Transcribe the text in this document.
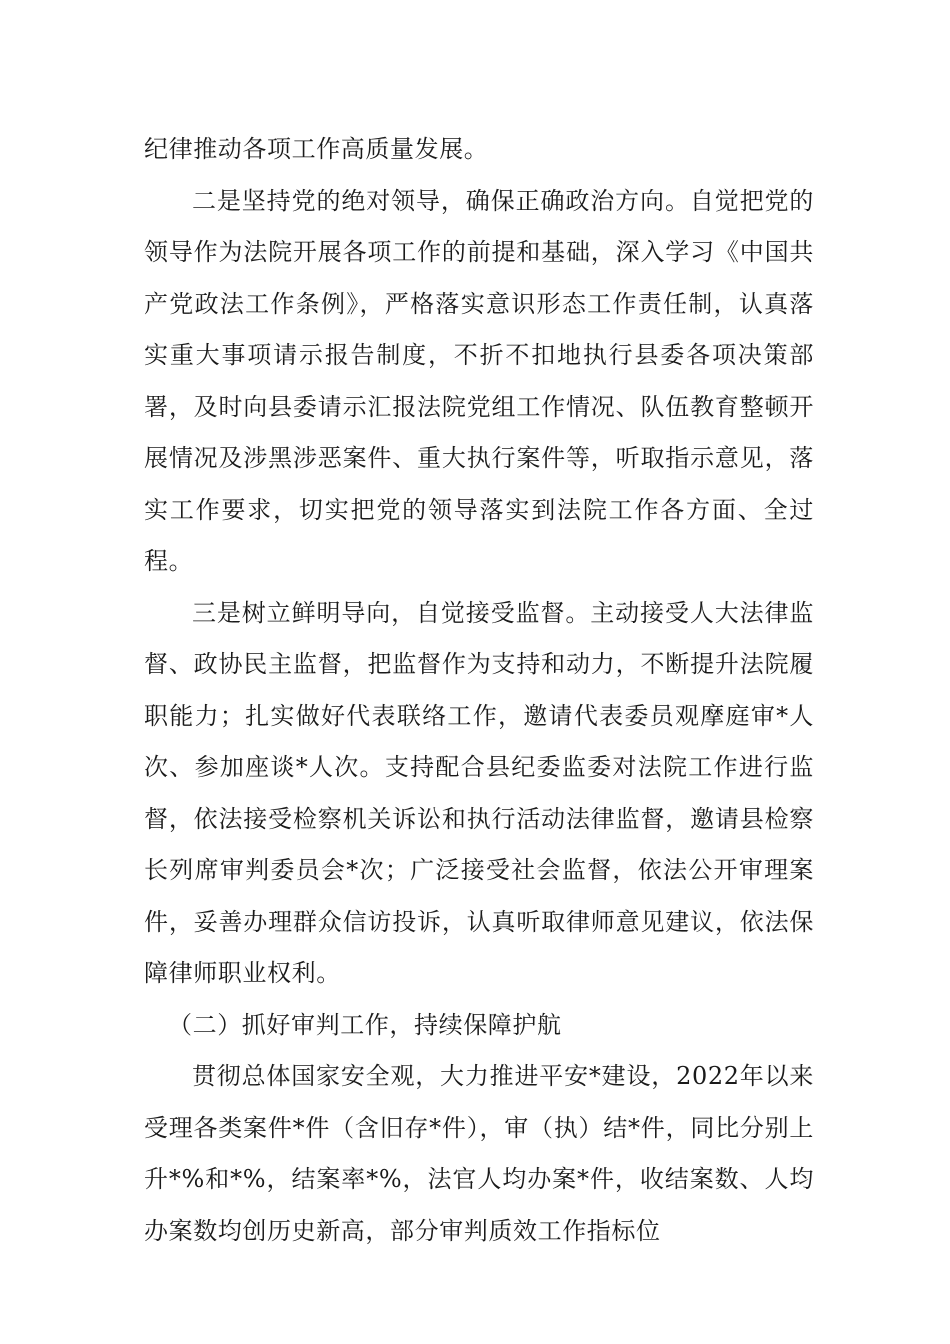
纪律推动各项工作高质量发展。

二是坚持党的绝对领导，确保正确政治方向。自觉把党的领导作为法院开展各项工作的前提和基础，深入学习《中国共产党政法工作条例》，严格落实意识形态工作责任制，认真落实重大事项请示报告制度，不折不扣地执行县委各项决策部署，及时向县委请示汇报法院党组工作情况、队伍教育整顿开展情况及涉黑涉恶案件、重大执行案件等，听取指示意见，落实工作要求，切实把党的领导落实到法院工作各方面、全过程。

三是树立鲜明导向，自觉接受监督。主动接受人大法律监督、政协民主监督，把监督作为支持和动力，不断提升法院履职能力；扎实做好代表联络工作，邀请代表委员观摩庭审*人次、参加座谈*人次。支持配合县纪委监委对法院工作进行监督，依法接受检察机关诉讼和执行活动法律监督，邀请县检察长列席审判委员会*次；广泛接受社会监督，依法公开审理案件，妥善办理群众信访投诉，认真听取律师意见建议，依法保障律师职业权利。

（二）抓好审判工作，持续保障护航

贯彻总体国家安全观，大力推进平安*建设，2022年以来受理各类案件*件（含旧存*件），审（执）结*件，同比分别上升*%和*%，结案率*%，法官人均办案*件，收结案数、人均办案数均创历史新高，部分审判质效工作指标位
